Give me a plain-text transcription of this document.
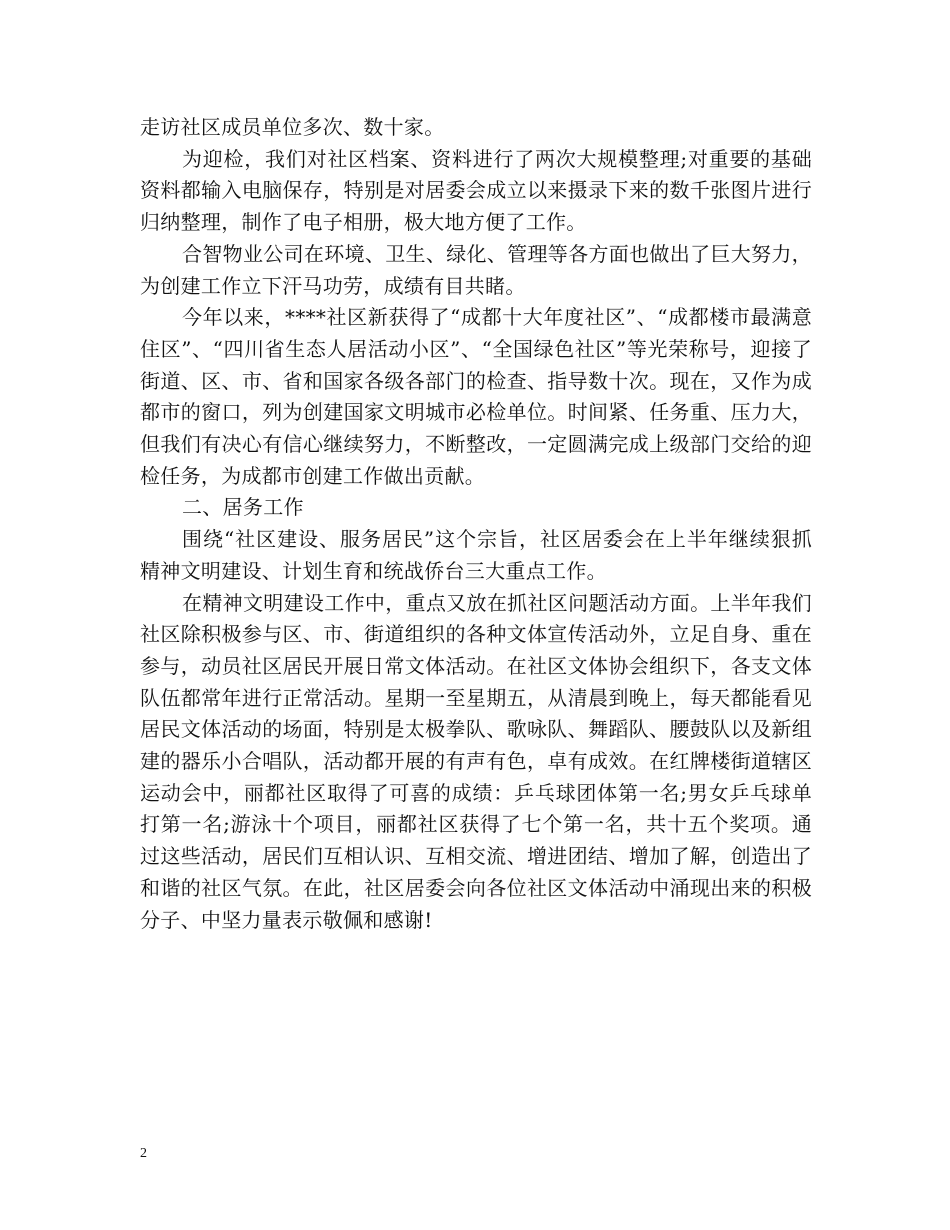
走访社区成员单位多次、数十家。

为迎检，我们对社区档案、资料进行了两次大规模整理;对重要的基础资料都输入电脑保存，特别是对居委会成立以来摄录下来的数千张图片进行归纳整理，制作了电子相册，极大地方便了工作。

合智物业公司在环境、卫生、绿化、管理等各方面也做出了巨大努力，为创建工作立下汗马功劳，成绩有目共睹。

今年以来，****社区新获得了“成都十大年度社区”、“成都楼市最满意住区”、“四川省生态人居活动小区”、“全国绿色社区”等光荣称号，迎接了街道、区、市、省和国家各级各部门的检查、指导数十次。现在，又作为成都市的窗口，列为创建国家文明城市必检单位。时间紧、任务重、压力大，但我们有决心有信心继续努力，不断整改，一定圆满完成上级部门交给的迎检任务，为成都市创建工作做出贡献。

二、居务工作

围绕“社区建设、服务居民”这个宗旨，社区居委会在上半年继续狠抓精神文明建设、计划生育和统战侨台三大重点工作。

在精神文明建设工作中，重点又放在抓社区问题活动方面。上半年我们社区除积极参与区、市、街道组织的各种文体宣传活动外，立足自身、重在参与，动员社区居民开展日常文体活动。在社区文体协会组织下，各支文体队伍都常年进行正常活动。星期一至星期五，从清晨到晚上，每天都能看见居民文体活动的场面，特别是太极拳队、歌咏队、舞蹈队、腰鼓队以及新组建的器乐小合唱队，活动都开展的有声有色，卓有成效。在红牌楼街道辖区运动会中，丽都社区取得了可喜的成绩：乒乓球团体第一名;男女乒乓球单打第一名;游泳十个项目，丽都社区获得了七个第一名，共十五个奖项。通过这些活动，居民们互相认识、互相交流、增进团结、增加了解，创造出了和谐的社区气氛。在此，社区居委会向各位社区文体活动中涌现出来的积极分子、中坚力量表示敬佩和感谢!

2
